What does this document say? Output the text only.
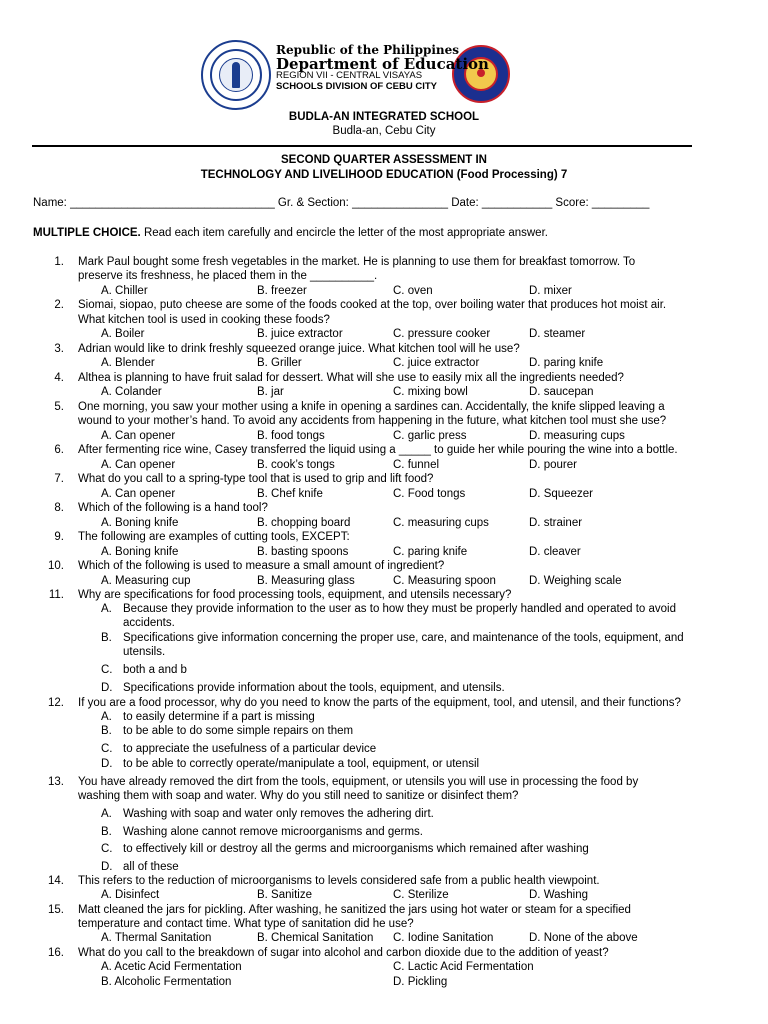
Republic of the Philippines
Department of Education
REGION VII - CENTRAL VISAYAS
SCHOOLS DIVISION OF CEBU CITY
BUDLA-AN INTEGRATED SCHOOL
Budla-an, Cebu City
SECOND QUARTER ASSESSMENT IN
TECHNOLOGY AND LIVELIHOOD EDUCATION (Food Processing) 7
Name: ________________________________ Gr. & Section: _______________ Date: ___________ Score: _________
MULTIPLE CHOICE. Read each item carefully and encircle the letter of the most appropriate answer.
1. Mark Paul bought some fresh vegetables in the market. He is planning to use them for breakfast tomorrow. To
preserve its freshness, he placed them in the __________.
A. Chiller	B. freezer	C. oven	D. mixer
2. Siomai, siopao, puto cheese are some of the foods cooked at the top, over boiling water that produces hot moist air.
What kitchen tool is used in cooking these foods?
A. Boiler	B. juice extractor	C. pressure cooker	D. steamer
3. Adrian would like to drink freshly squeezed orange juice. What kitchen tool will he use?
A. Blender	B. Griller	C. juice extractor	D. paring knife
4. Althea is planning to have fruit salad for dessert. What will she use to easily mix all the ingredients needed?
A. Colander	B. jar	C. mixing bowl	D. saucepan
5. One morning, you saw your mother using a knife in opening a sardines can. Accidentally, the knife slipped leaving a
wound to your mother’s hand. To avoid any accidents from happening in the future, what kitchen tool must she use?
A. Can opener	B. food tongs	C. garlic press	D. measuring cups
6. After fermenting rice wine, Casey transferred the liquid using a _____ to guide her while pouring the wine into a bottle.
A. Can opener	B. cook’s tongs	C. funnel	D. pourer
7. What do you call to a spring-type tool that is used to grip and lift food?
A. Can opener	B. Chef knife	C. Food tongs	D. Squeezer
8. Which of the following is a hand tool?
A. Boning knife	B. chopping board	C. measuring cups	D. strainer
9. The following are examples of cutting tools, EXCEPT:
A. Boning knife	B. basting spoons	C. paring knife	D. cleaver
10. Which of the following is used to measure a small amount of ingredient?
A. Measuring cup	B. Measuring glass	C. Measuring spoon	D. Weighing scale
11. Why are specifications for food processing tools, equipment, and utensils necessary?
A. Because they provide information to the user as to how they must be properly handled and operated to avoid
accidents.
B. Specifications give information concerning the proper use, care, and maintenance of the tools, equipment, and
utensils.
C. both a and b
D. Specifications provide information about the tools, equipment, and utensils.
12. If you are a food processor, why do you need to know the parts of the equipment, tool, and utensil, and their functions?
A. to easily determine if a part is missing
B. to be able to do some simple repairs on them
C. to appreciate the usefulness of a particular device
D. to be able to correctly operate/manipulate a tool, equipment, or utensil
13. You have already removed the dirt from the tools, equipment, or utensils you will use in processing the food by
washing them with soap and water. Why do you still need to sanitize or disinfect them?
A. Washing with soap and water only removes the adhering dirt.
B. Washing alone cannot remove microorganisms and germs.
C. to effectively kill or destroy all the germs and microorganisms which remained after washing
D. all of these
14. This refers to the reduction of microorganisms to levels considered safe from a public health viewpoint.
A. Disinfect	B. Sanitize	C. Sterilize	D. Washing
15. Matt cleaned the jars for pickling. After washing, he sanitized the jars using hot water or steam for a specified
temperature and contact time. What type of sanitation did he use?
A. Thermal Sanitation	B. Chemical Sanitation C. Iodine Sanitation	D. None of the above
16. What do you call to the breakdown of sugar into alcohol and carbon dioxide due to the addition of yeast?
A. Acetic Acid Fermentation	C. Lactic Acid Fermentation
B. Alcoholic Fermentation	D. Pickling
